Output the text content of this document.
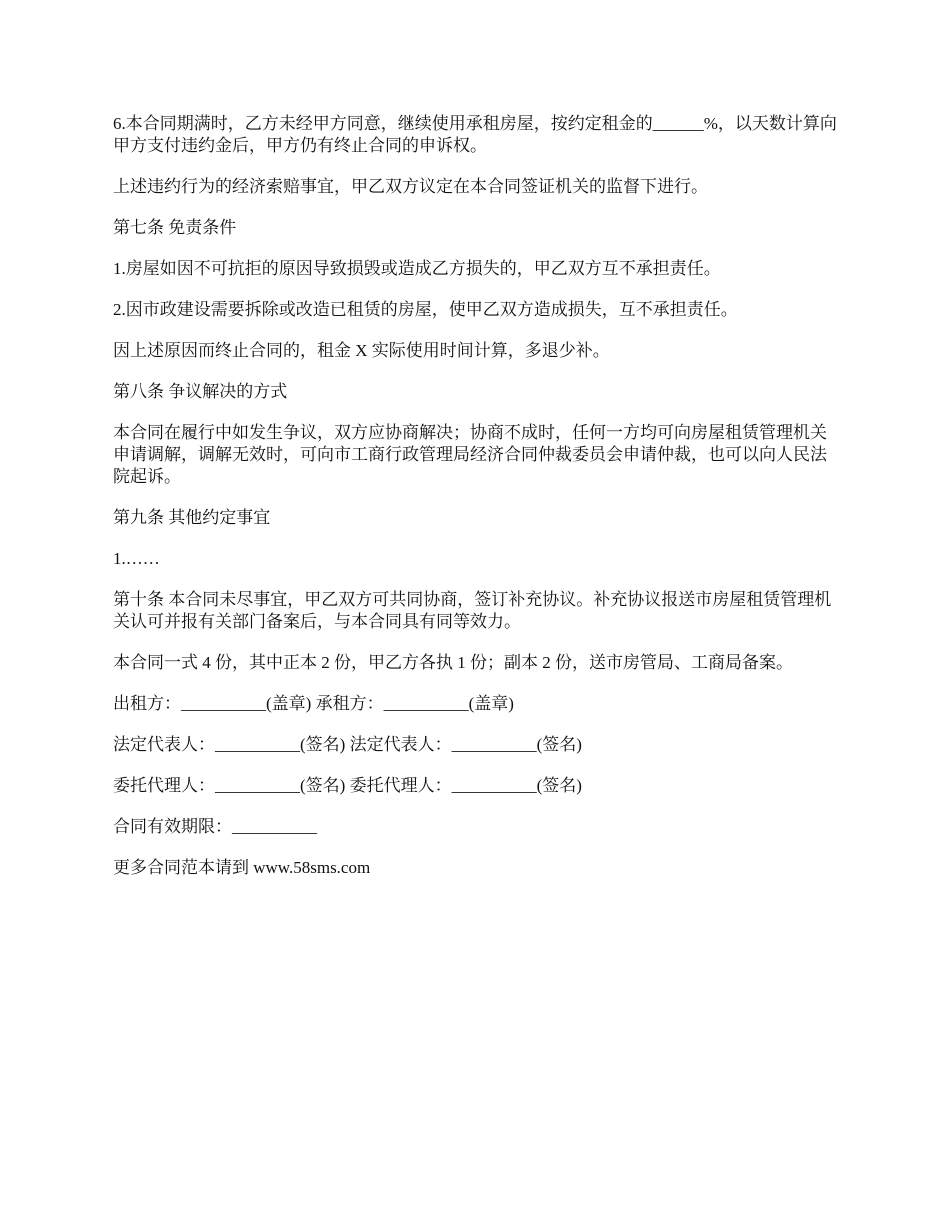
6.本合同期满时，乙方未经甲方同意，继续使用承租房屋，按约定租金的______%，以天数计算向甲方支付违约金后，甲方仍有终止合同的申诉权。

上述违约行为的经济索赔事宜，甲乙双方议定在本合同签证机关的监督下进行。

第七条 免责条件

1.房屋如因不可抗拒的原因导致损毁或造成乙方损失的，甲乙双方互不承担责任。

2.因市政建设需要拆除或改造已租赁的房屋，使甲乙双方造成损失，互不承担责任。

因上述原因而终止合同的，租金 X 实际使用时间计算，多退少补。

第八条 争议解决的方式

本合同在履行中如发生争议，双方应协商解决；协商不成时，任何一方均可向房屋租赁管理机关申请调解，调解无效时，可向市工商行政管理局经济合同仲裁委员会申请仲裁，也可以向人民法院起诉。

第九条 其他约定事宜

1.……

第十条 本合同未尽事宜，甲乙双方可共同协商，签订补充协议。补充协议报送市房屋租赁管理机关认可并报有关部门备案后，与本合同具有同等效力。

本合同一式 4 份，其中正本 2 份，甲乙方各执 1 份；副本 2 份，送市房管局、工商局备案。

出租方：__________(盖章) 承租方：__________(盖章)

法定代表人：__________(签名) 法定代表人：__________(签名)

委托代理人：__________(签名) 委托代理人：__________(签名)

合同有效期限：__________

更多合同范本请到 www.58sms.com
